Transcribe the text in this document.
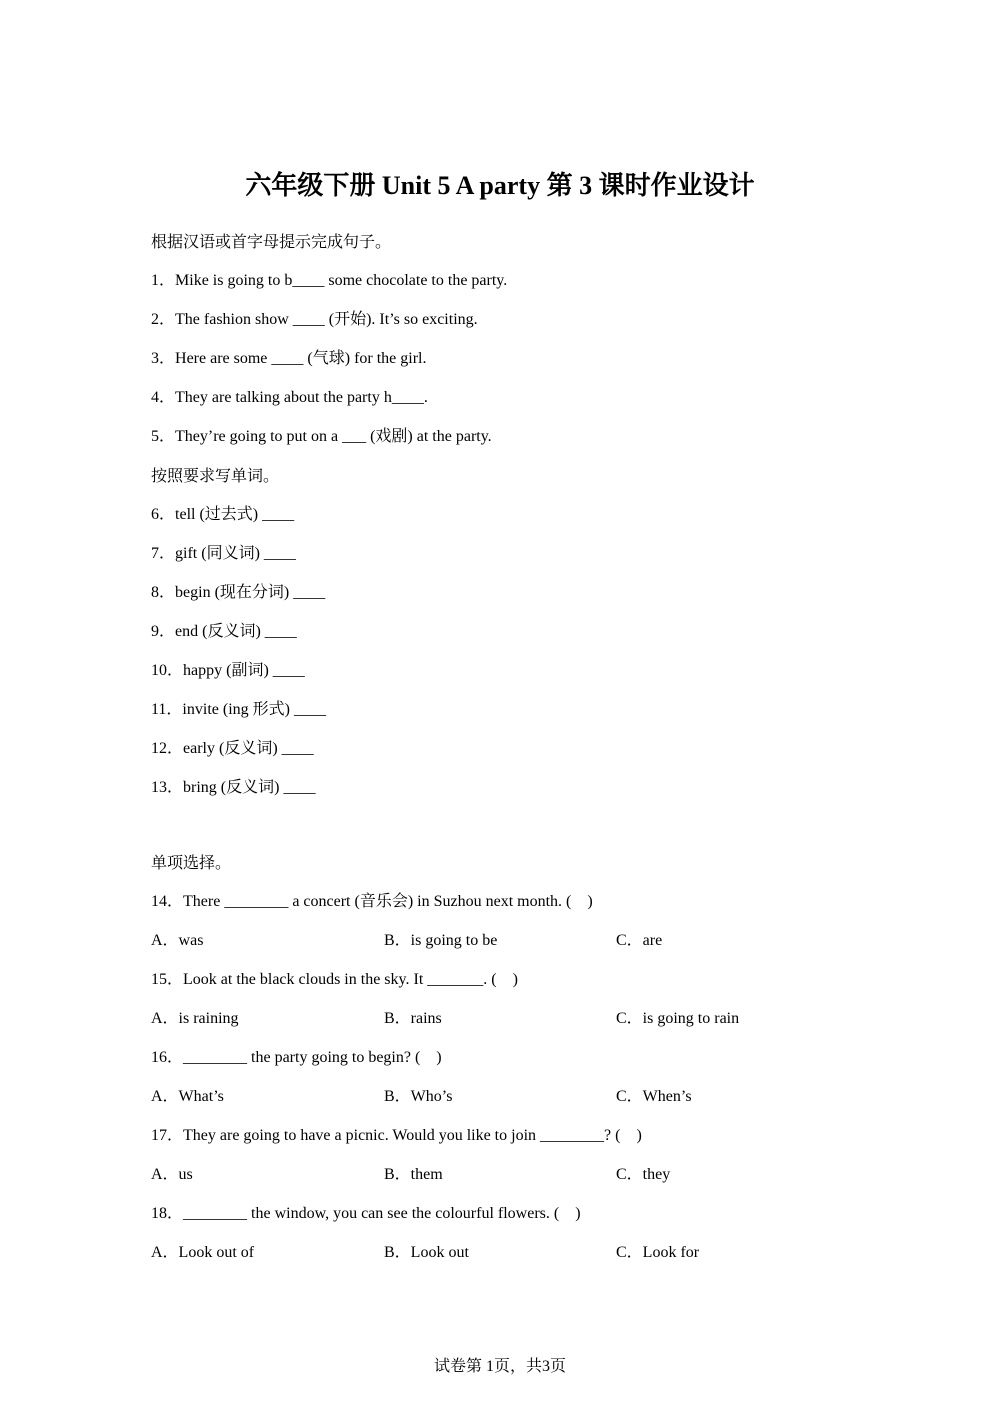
六年级下册 Unit 5 A party 第 3 课时作业设计
根据汉语或首字母提示完成句子。
1．Mike is going to b____ some chocolate to the party.
2．The fashion show ____ (开始). It’s so exciting.
3．Here are some ____ (气球) for the girl.
4．They are talking about the party h____.
5．They’re going to put on a ___ (戏剧) at the party.
按照要求写单词。
6．tell (过去式) ____
7．gift (同义词) ____
8．begin (现在分词) ____
9．end (反义词) ____
10．happy (副词) ____
11．invite (ing 形式) ____
12．early (反义词) ____
13．bring (反义词) ____
单项选择。
14．There ________ a concert (音乐会) in Suzhou next month. (　)
A．was	B．is going to be	C．are
15．Look at the black clouds in the sky. It _______. (　)
A．is raining	B．rains	C．is going to rain
16．________ the party going to begin? (　)
A．What’s	B．Who’s	C．When’s
17．They are going to have a picnic. Would you like to join ________? (　)
A．us	B．them	C．they
18．________ the window, you can see the colourful flowers. (　)
A．Look out of	B．Look out	C．Look for
试卷第 1页，共3页
